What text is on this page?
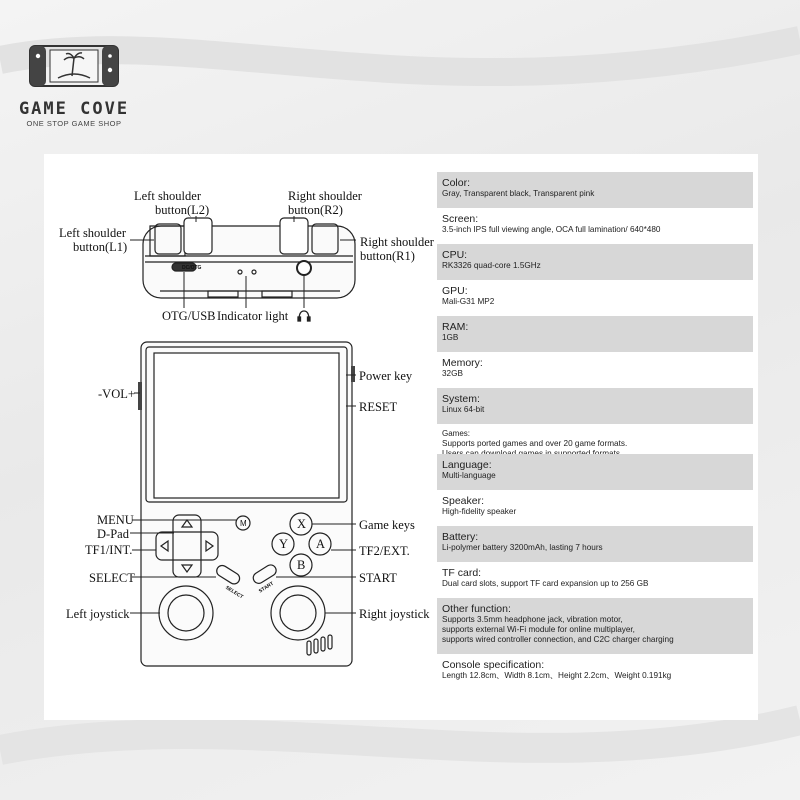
GAME COVE
ONE STOP GAME SHOP
DC/OTG
Left shoulder
button(L2)
Right shoulder
button(R2)
Left shoulder
button(L1)	Right shoulder
button(R1)
OTG/USB Indicator light
M	X
Y A
B
SELECT	START
-VOL+
Power key
RESET
MENU
D-Pad
TF1/INT.
SELECT
Left joystick
Game keys
TF2/EXT.
START
Right joystick
Color:
Gray, Transparent black, Transparent pink
Screen:
3.5-inch IPS full viewing angle, OCA full lamination/ 640*480
CPU:
RK3326 quad-core 1.5GHz
GPU:
Mali-G31 MP2
RAM:
1GB
Memory:
32GB
System:
Linux 64-bit
Games:
Supports ported games and over 20 game formats.
Language:
Multi-language
Speaker:
High-fidelity speaker
Battery:
Li-polymer battery 3200mAh, lasting 7 hours
TF card:
Dual card slots, support TF card expansion up to 256 GB
Other function:
Supports 3.5mm headphone jack, vibration motor,
supports external Wi-Fi module for online multiplayer,
supports wired controller connection, and C2C charger charging
Console specification:
Length 12.8cm、Width 8.1cm、Height 2.2cm、Weight 0.191kg
